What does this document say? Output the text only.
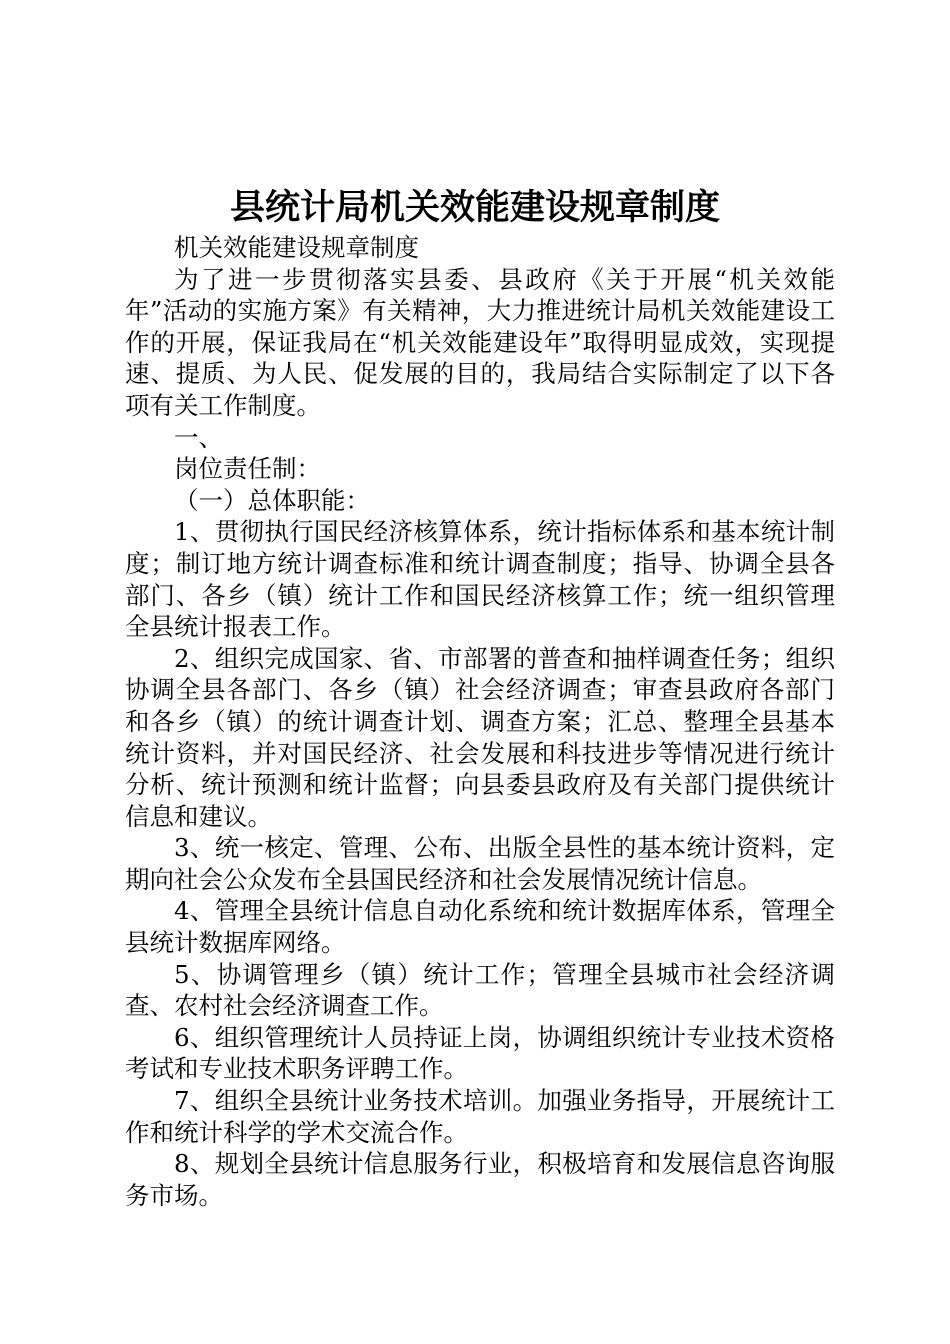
县统计局机关效能建设规章制度

机关效能建设规章制度

为了进一步贯彻落实县委、县政府《关于开展“机关效能年”活动的实施方案》有关精神，大力推进统计局机关效能建设工作的开展，保证我局在“机关效能建设年”取得明显成效，实现提速、提质、为人民、促发展的目的，我局结合实际制定了以下各项有关工作制度。

一、

岗位责任制：

（一）总体职能：

1、贯彻执行国民经济核算体系，统计指标体系和基本统计制度；制订地方统计调查标准和统计调查制度；指导、协调全县各部门、各乡（镇）统计工作和国民经济核算工作；统一组织管理全县统计报表工作。

2、组织完成国家、省、市部署的普查和抽样调查任务；组织协调全县各部门、各乡（镇）社会经济调查；审查县政府各部门和各乡（镇）的统计调查计划、调查方案；汇总、整理全县基本统计资料，并对国民经济、社会发展和科技进步等情况进行统计分析、统计预测和统计监督；向县委县政府及有关部门提供统计信息和建议。

3、统一核定、管理、公布、出版全县性的基本统计资料，定期向社会公众发布全县国民经济和社会发展情况统计信息。

4、管理全县统计信息自动化系统和统计数据库体系，管理全县统计数据库网络。

5、协调管理乡（镇）统计工作；管理全县城市社会经济调查、农村社会经济调查工作。

6、组织管理统计人员持证上岗，协调组织统计专业技术资格考试和专业技术职务评聘工作。

7、组织全县统计业务技术培训。加强业务指导，开展统计工作和统计科学的学术交流合作。

8、规划全县统计信息服务行业，积极培育和发展信息咨询服务市场。
